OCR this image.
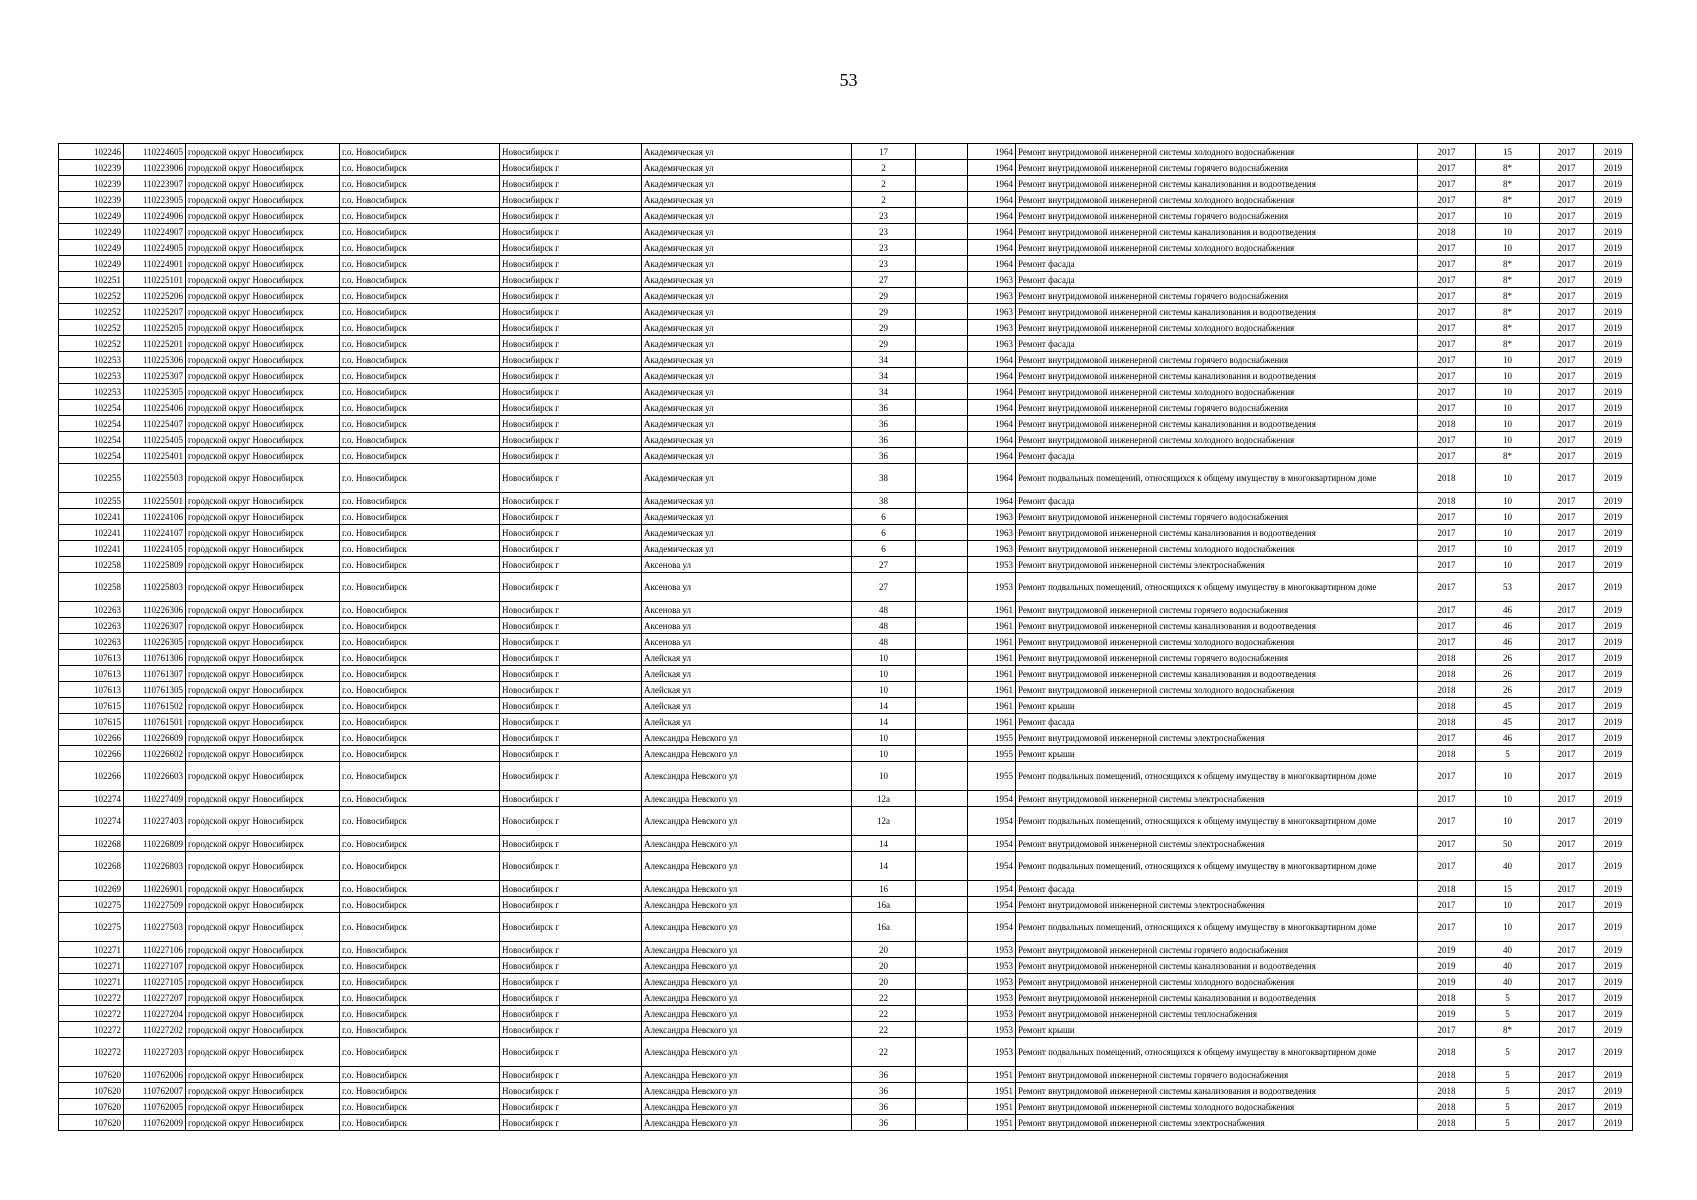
53
102246	110224605	городской округ Новосибирск	г.о. Новосибирск	Новосибирск г	Академическая ул	17		1964	Ремонт внутридомовой инженерной системы холодного водоснабжения	2017	15	2017	2019
102239	110223906	городской округ Новосибирск	г.о. Новосибирск	Новосибирск г	Академическая ул	2		1964	Ремонт внутридомовой инженерной системы горячего водоснабжения	2017	8*	2017	2019
102239	110223907	городской округ Новосибирск	г.о. Новосибирск	Новосибирск г	Академическая ул	2		1964	Ремонт внутридомовой инженерной системы канализования и водоотведения	2017	8*	2017	2019
102239	110223905	городской округ Новосибирск	г.о. Новосибирск	Новосибирск г	Академическая ул	2		1964	Ремонт внутридомовой инженерной системы холодного водоснабжения	2017	8*	2017	2019
102249	110224906	городской округ Новосибирск	г.о. Новосибирск	Новосибирск г	Академическая ул	23		1964	Ремонт внутридомовой инженерной системы горячего водоснабжения	2017	10	2017	2019
102249	110224907	городской округ Новосибирск	г.о. Новосибирск	Новосибирск г	Академическая ул	23		1964	Ремонт внутридомовой инженерной системы канализования и водоотведения	2018	10	2017	2019
102249	110224905	городской округ Новосибирск	г.о. Новосибирск	Новосибирск г	Академическая ул	23		1964	Ремонт внутридомовой инженерной системы холодного водоснабжения	2017	10	2017	2019
102249	110224901	городской округ Новосибирск	г.о. Новосибирск	Новосибирск г	Академическая ул	23		1964	Ремонт фасада	2017	8*	2017	2019
102251	110225101	городской округ Новосибирск	г.о. Новосибирск	Новосибирск г	Академическая ул	27		1963	Ремонт фасада	2017	8*	2017	2019
102252	110225206	городской округ Новосибирск	г.о. Новосибирск	Новосибирск г	Академическая ул	29		1963	Ремонт внутридомовой инженерной системы горячего водоснабжения	2017	8*	2017	2019
102252	110225207	городской округ Новосибирск	г.о. Новосибирск	Новосибирск г	Академическая ул	29		1963	Ремонт внутридомовой инженерной системы канализования и водоотведения	2017	8*	2017	2019
102252	110225205	городской округ Новосибирск	г.о. Новосибирск	Новосибирск г	Академическая ул	29		1963	Ремонт внутридомовой инженерной системы холодного водоснабжения	2017	8*	2017	2019
102252	110225201	городской округ Новосибирск	г.о. Новосибирск	Новосибирск г	Академическая ул	29		1963	Ремонт фасада	2017	8*	2017	2019
102253	110225306	городской округ Новосибирск	г.о. Новосибирск	Новосибирск г	Академическая ул	34		1964	Ремонт внутридомовой инженерной системы горячего водоснабжения	2017	10	2017	2019
102253	110225307	городской округ Новосибирск	г.о. Новосибирск	Новосибирск г	Академическая ул	34		1964	Ремонт внутридомовой инженерной системы канализования и водоотведения	2017	10	2017	2019
102253	110225305	городской округ Новосибирск	г.о. Новосибирск	Новосибирск г	Академическая ул	34		1964	Ремонт внутридомовой инженерной системы холодного водоснабжения	2017	10	2017	2019
102254	110225406	городской округ Новосибирск	г.о. Новосибирск	Новосибирск г	Академическая ул	36		1964	Ремонт внутридомовой инженерной системы горячего водоснабжения	2017	10	2017	2019
102254	110225407	городской округ Новосибирск	г.о. Новосибирск	Новосибирск г	Академическая ул	36		1964	Ремонт внутридомовой инженерной системы канализования и водоотведения	2018	10	2017	2019
102254	110225405	городской округ Новосибирск	г.о. Новосибирск	Новосибирск г	Академическая ул	36		1964	Ремонт внутридомовой инженерной системы холодного водоснабжения	2017	10	2017	2019
102254	110225401	городской округ Новосибирск	г.о. Новосибирск	Новосибирск г	Академическая ул	36		1964	Ремонт фасада	2017	8*	2017	2019
102255	110225503	городской округ Новосибирск	г.о. Новосибирск	Новосибирск г	Академическая ул	38		1964	Ремонт подвальных помещений, относящихся к общему имуществу в многоквартирном доме	2018	10	2017	2019
102255	110225501	городской округ Новосибирск	г.о. Новосибирск	Новосибирск г	Академическая ул	38		1964	Ремонт фасада	2018	10	2017	2019
102241	110224106	городской округ Новосибирск	г.о. Новосибирск	Новосибирск г	Академическая ул	6		1963	Ремонт внутридомовой инженерной системы горячего водоснабжения	2017	10	2017	2019
102241	110224107	городской округ Новосибирск	г.о. Новосибирск	Новосибирск г	Академическая ул	6		1963	Ремонт внутридомовой инженерной системы канализования и водоотведения	2017	10	2017	2019
102241	110224105	городской округ Новосибирск	г.о. Новосибирск	Новосибирск г	Академическая ул	6		1963	Ремонт внутридомовой инженерной системы холодного водоснабжения	2017	10	2017	2019
102258	110225809	городской округ Новосибирск	г.о. Новосибирск	Новосибирск г	Аксенова ул	27		1953	Ремонт внутридомовой инженерной системы электроснабжения	2017	10	2017	2019
102258	110225803	городской округ Новосибирск	г.о. Новосибирск	Новосибирск г	Аксенова ул	27		1953	Ремонт подвальных помещений, относящихся к общему имуществу в многоквартирном доме	2017	53	2017	2019
102263	110226306	городской округ Новосибирск	г.о. Новосибирск	Новосибирск г	Аксенова ул	48		1961	Ремонт внутридомовой инженерной системы горячего водоснабжения	2017	46	2017	2019
102263	110226307	городской округ Новосибирск	г.о. Новосибирск	Новосибирск г	Аксенова ул	48		1961	Ремонт внутридомовой инженерной системы канализования и водоотведения	2017	46	2017	2019
102263	110226305	городской округ Новосибирск	г.о. Новосибирск	Новосибирск г	Аксенова ул	48		1961	Ремонт внутридомовой инженерной системы холодного водоснабжения	2017	46	2017	2019
107613	110761306	городской округ Новосибирск	г.о. Новосибирск	Новосибирск г	Алейская ул	10		1961	Ремонт внутридомовой инженерной системы горячего водоснабжения	2018	26	2017	2019
107613	110761307	городской округ Новосибирск	г.о. Новосибирск	Новосибирск г	Алейская ул	10		1961	Ремонт внутридомовой инженерной системы канализования и водоотведения	2018	26	2017	2019
107613	110761305	городской округ Новосибирск	г.о. Новосибирск	Новосибирск г	Алейская ул	10		1961	Ремонт внутридомовой инженерной системы холодного водоснабжения	2018	26	2017	2019
107615	110761502	городской округ Новосибирск	г.о. Новосибирск	Новосибирск г	Алейская ул	14		1961	Ремонт крыши	2018	45	2017	2019
107615	110761501	городской округ Новосибирск	г.о. Новосибирск	Новосибирск г	Алейская ул	14		1961	Ремонт фасада	2018	45	2017	2019
102266	110226609	городской округ Новосибирск	г.о. Новосибирск	Новосибирск г	Александра Невского ул	10		1955	Ремонт внутридомовой инженерной системы электроснабжения	2017	46	2017	2019
102266	110226602	городской округ Новосибирск	г.о. Новосибирск	Новосибирск г	Александра Невского ул	10		1955	Ремонт крыши	2018	5	2017	2019
102266	110226603	городской округ Новосибирск	г.о. Новосибирск	Новосибирск г	Александра Невского ул	10		1955	Ремонт подвальных помещений, относящихся к общему имуществу в многоквартирном доме	2017	10	2017	2019
102274	110227409	городской округ Новосибирск	г.о. Новосибирск	Новосибирск г	Александра Невского ул	12а		1954	Ремонт внутридомовой инженерной системы электроснабжения	2017	10	2017	2019
102274	110227403	городской округ Новосибирск	г.о. Новосибирск	Новосибирск г	Александра Невского ул	12а		1954	Ремонт подвальных помещений, относящихся к общему имуществу в многоквартирном доме	2017	10	2017	2019
102268	110226809	городской округ Новосибирск	г.о. Новосибирск	Новосибирск г	Александра Невского ул	14		1954	Ремонт внутридомовой инженерной системы электроснабжения	2017	50	2017	2019
102268	110226803	городской округ Новосибирск	г.о. Новосибирск	Новосибирск г	Александра Невского ул	14		1954	Ремонт подвальных помещений, относящихся к общему имуществу в многоквартирном доме	2017	40	2017	2019
102269	110226901	городской округ Новосибирск	г.о. Новосибирск	Новосибирск г	Александра Невского ул	16		1954	Ремонт фасада	2018	15	2017	2019
102275	110227509	городской округ Новосибирск	г.о. Новосибирск	Новосибирск г	Александра Невского ул	16а		1954	Ремонт внутридомовой инженерной системы электроснабжения	2017	10	2017	2019
102275	110227503	городской округ Новосибирск	г.о. Новосибирск	Новосибирск г	Александра Невского ул	16а		1954	Ремонт подвальных помещений, относящихся к общему имуществу в многоквартирном доме	2017	10	2017	2019
102271	110227106	городской округ Новосибирск	г.о. Новосибирск	Новосибирск г	Александра Невского ул	20		1953	Ремонт внутридомовой инженерной системы горячего водоснабжения	2019	40	2017	2019
102271	110227107	городской округ Новосибирск	г.о. Новосибирск	Новосибирск г	Александра Невского ул	20		1953	Ремонт внутридомовой инженерной системы канализования и водоотведения	2019	40	2017	2019
102271	110227105	городской округ Новосибирск	г.о. Новосибирск	Новосибирск г	Александра Невского ул	20		1953	Ремонт внутридомовой инженерной системы холодного водоснабжения	2019	40	2017	2019
102272	110227207	городской округ Новосибирск	г.о. Новосибирск	Новосибирск г	Александра Невского ул	22		1953	Ремонт внутридомовой инженерной системы канализования и водоотведения	2018	5	2017	2019
102272	110227204	городской округ Новосибирск	г.о. Новосибирск	Новосибирск г	Александра Невского ул	22		1953	Ремонт внутридомовой инженерной системы теплоснабжения	2019	5	2017	2019
102272	110227202	городской округ Новосибирск	г.о. Новосибирск	Новосибирск г	Александра Невского ул	22		1953	Ремонт крыши	2017	8*	2017	2019
102272	110227203	городской округ Новосибирск	г.о. Новосибирск	Новосибирск г	Александра Невского ул	22		1953	Ремонт подвальных помещений, относящихся к общему имуществу в многоквартирном доме	2018	5	2017	2019
107620	110762006	городской округ Новосибирск	г.о. Новосибирск	Новосибирск г	Александра Невского ул	36		1951	Ремонт внутридомовой инженерной системы горячего водоснабжения	2018	5	2017	2019
107620	110762007	городской округ Новосибирск	г.о. Новосибирск	Новосибирск г	Александра Невского ул	36		1951	Ремонт внутридомовой инженерной системы канализования и водоотведения	2018	5	2017	2019
107620	110762005	городской округ Новосибирск	г.о. Новосибирск	Новосибирск г	Александра Невского ул	36		1951	Ремонт внутридомовой инженерной системы холодного водоснабжения	2018	5	2017	2019
107620	110762009	городской округ Новосибирск	г.о. Новосибирск	Новосибирск г	Александра Невского ул	36		1951	Ремонт внутридомовой инженерной системы электроснабжения	2018	5	2017	2019
